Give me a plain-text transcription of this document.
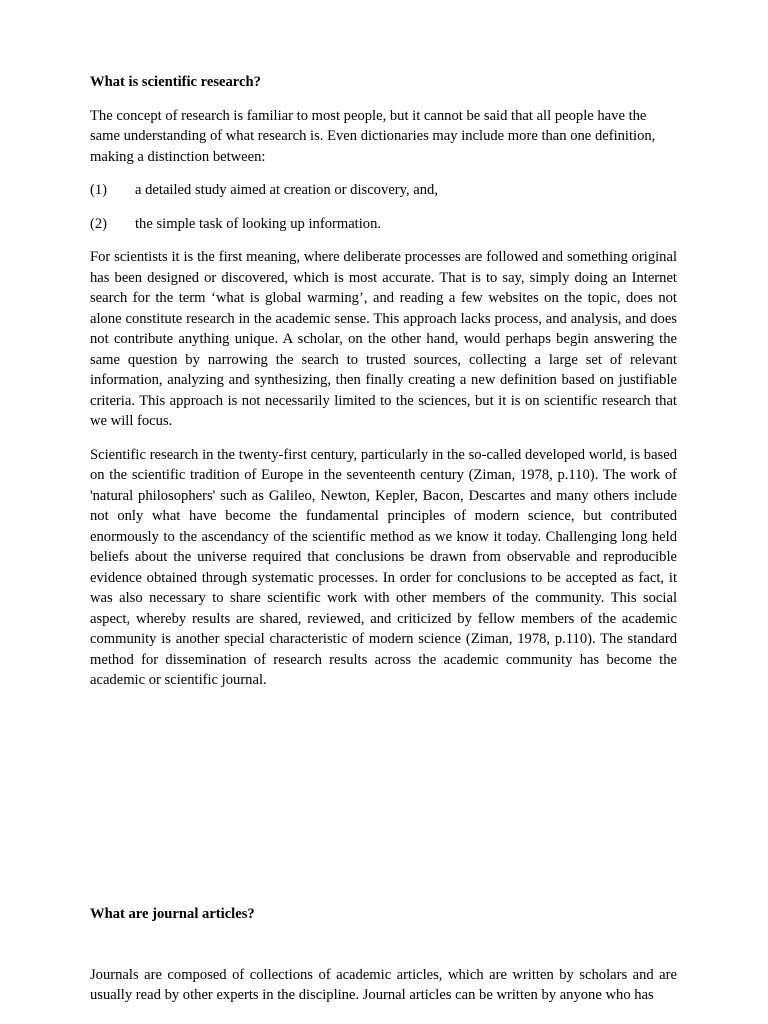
What is scientific research?

The concept of research is familiar to most people, but it cannot be said that all people have the same understanding of what research is. Even dictionaries may include more than one definition, making a distinction between:

(1)	a detailed study aimed at creation or discovery, and,
(2)	the simple task of looking up information.

For scientists it is the first meaning, where deliberate processes are followed and something original has been designed or discovered, which is most accurate. That is to say, simply doing an Internet search for the term ‘what is global warming’, and reading a few websites on the topic, does not alone constitute research in the academic sense. This approach lacks process, and analysis, and does not contribute anything unique. A scholar, on the other hand, would perhaps begin answering the same question by narrowing the search to trusted sources, collecting a large set of relevant information, analyzing and synthesizing, then finally creating a new definition based on justifiable criteria. This approach is not necessarily limited to the sciences, but it is on scientific research that we will focus.

Scientific research in the twenty-first century, particularly in the so-called developed world, is based on the scientific tradition of Europe in the seventeenth century (Ziman, 1978, p.110). The work of 'natural philosophers' such as Galileo, Newton, Kepler, Bacon, Descartes and many others include not only what have become the fundamental principles of modern science, but contributed enormously to the ascendancy of the scientific method as we know it today. Challenging long held beliefs about the universe required that conclusions be drawn from observable and reproducible evidence obtained through systematic processes. In order for conclusions to be accepted as fact, it was also necessary to share scientific work with other members of the community. This social aspect, whereby results are shared, reviewed, and criticized by fellow members of the academic community is another special characteristic of modern science (Ziman, 1978, p.110). The standard method for dissemination of research results across the academic community has become the academic or scientific journal.

What are journal articles?

Journals are composed of collections of academic articles, which are written by scholars and are usually read by other experts in the discipline. Journal articles can be written by anyone who has
